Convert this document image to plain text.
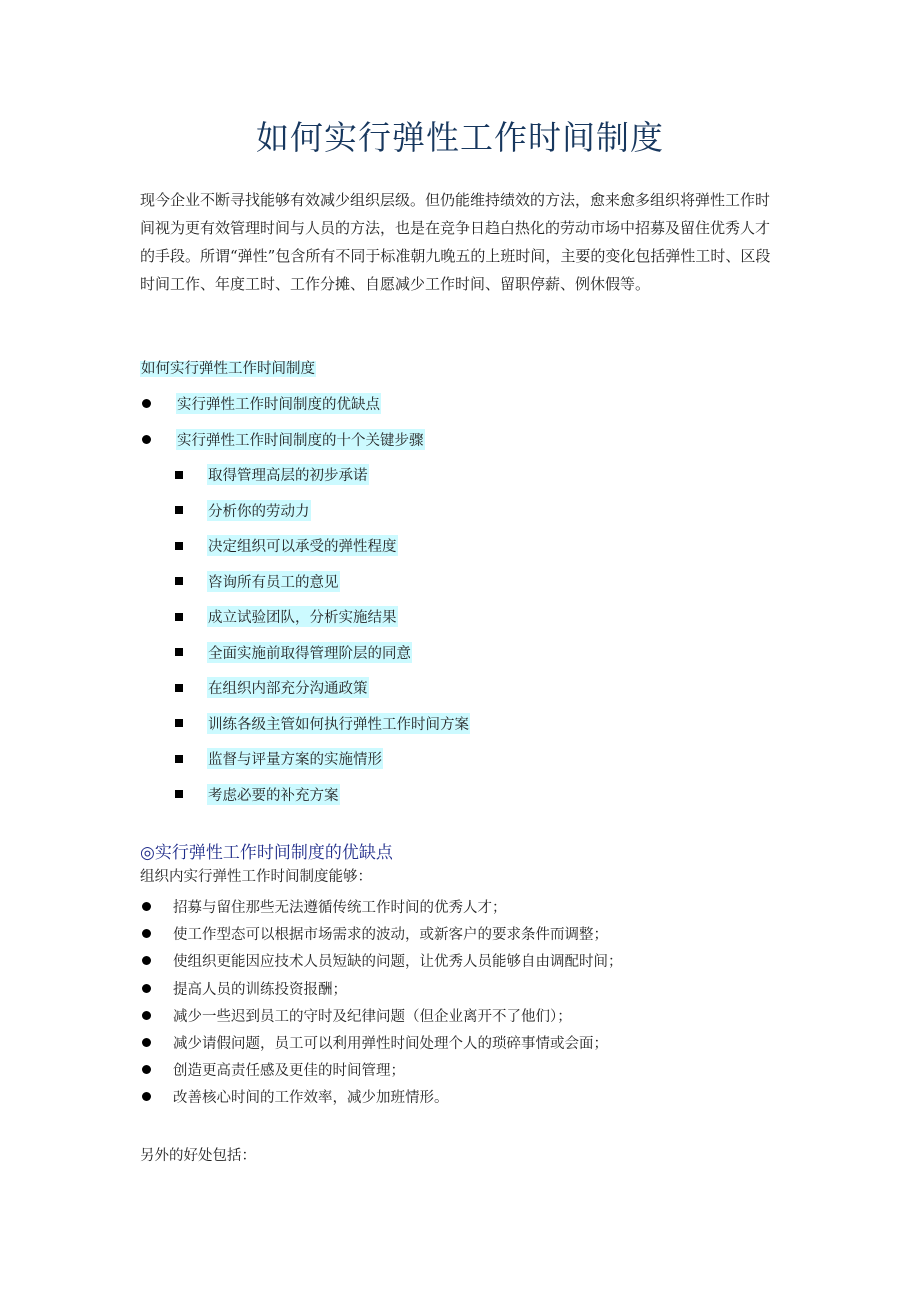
如何实行弹性工作时间制度
现今企业不断寻找能够有效减少组织层级。但仍能维持绩效的方法，愈来愈多组织将弹性工作时间视为更有效管理时间与人员的方法，也是在竞争日趋白热化的劳动市场中招募及留住优秀人才的手段。所谓“弹性”包含所有不同于标准朝九晚五的上班时间，主要的变化包括弹性工时、区段时间工作、年度工时、工作分摊、自愿减少工作时间、留职停薪、例休假等。
如何实行弹性工作时间制度
实行弹性工作时间制度的优缺点
实行弹性工作时间制度的十个关键步骤
取得管理高层的初步承诺
分析你的劳动力
决定组织可以承受的弹性程度
咨询所有员工的意见
成立试验团队，分析实施结果
全面实施前取得管理阶层的同意
在组织内部充分沟通政策
训练各级主管如何执行弹性工作时间方案
监督与评量方案的实施情形
考虑必要的补充方案
◎实行弹性工作时间制度的优缺点
组织内实行弹性工作时间制度能够：
招募与留住那些无法遵循传统工作时间的优秀人才；
使工作型态可以根据市场需求的波动，或新客户的要求条件而调整；
使组织更能因应技术人员短缺的问题，让优秀人员能够自由调配时间；
提高人员的训练投资报酬；
减少一些迟到员工的守时及纪律问题（但企业离开不了他们）；
减少请假问题，员工可以利用弹性时间处理个人的琐碎事情或会面；
创造更高责任感及更佳的时间管理；
改善核心时间的工作效率，减少加班情形。
另外的好处包括：
